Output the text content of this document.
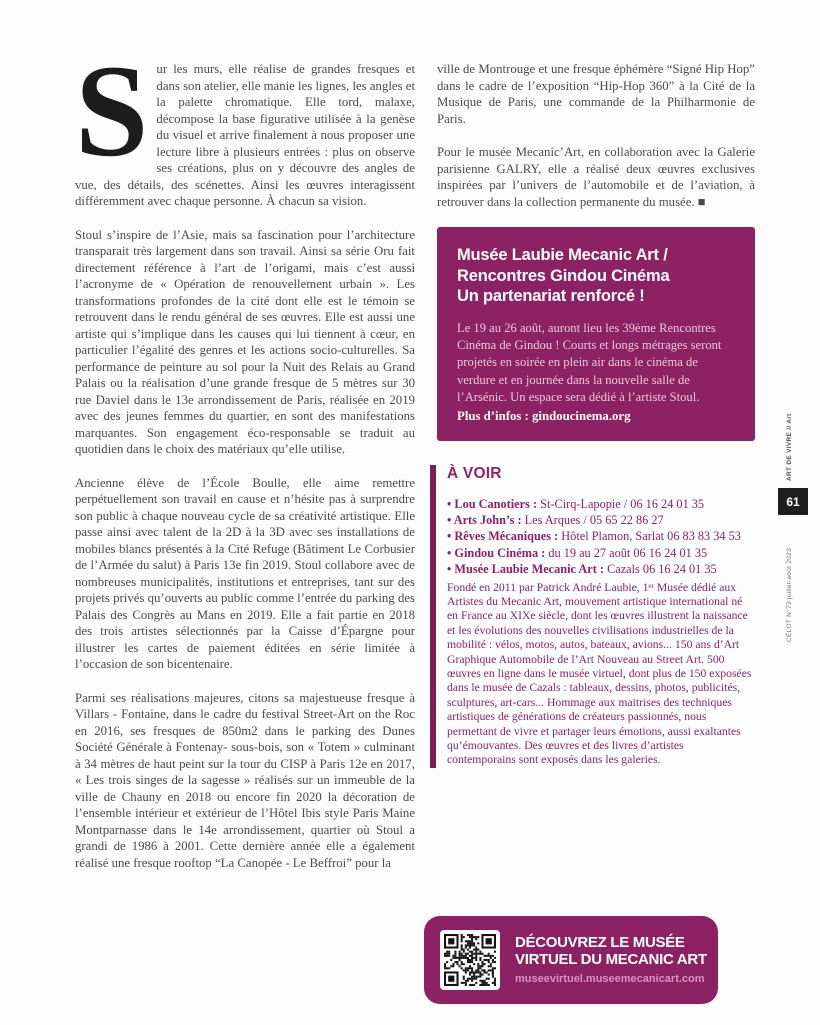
S ur les murs, elle réalise de grandes fresques et dans son atelier, elle manie les lignes, les angles et la palette chromatique. Elle tord, malaxe, décompose la base figurative utilisée à la genèse du visuel et arrive finalement à nous proposer une lecture libre à plusieurs entrées : plus on observe ses créations, plus on y découvre des angles de vue, des détails, des scénettes. Ainsi les œuvres interagissent différemment avec chaque personne. À chacun sa vision.

Stoul s’inspire de l’Asie, mais sa fascination pour l’architecture transparait très largement dans son travail. Ainsi sa série Oru fait directement référence à l’art de l’origami, mais c’est aussi l’acronyme de « Opération de renouvellement urbain ». Les transformations profondes de la cité dont elle est le témoin se retrouvent dans le rendu général de ses œuvres. Elle est aussi une artiste qui s’implique dans les causes qui lui tiennent à cœur, en particulier l’égalité des genres et les actions socio-culturelles. Sa performance de peinture au sol pour la Nuit des Relais au Grand Palais ou la réalisation d’une grande fresque de 5 mètres sur 30 rue Daviel dans le 13e arrondissement de Paris, réalisée en 2019 avec des jeunes femmes du quartier, en sont des manifestations marquantes. Son engagement éco-responsable se traduit au quotidien dans le choix des matériaux qu’elle utilise.

Ancienne élève de l’École Boulle, elle aime remettre perpétuellement son travail en cause et n’hésite pas à surprendre son public à chaque nouveau cycle de sa créativité artistique. Elle passe ainsi avec talent de la 2D à la 3D avec ses installations de mobiles blancs présentés à la Cité Refuge (Bâtiment Le Corbusier de l’Armée du salut) à Paris 13e fin 2019. Stoul collabore avec de nombreuses municipalités, institutions et entreprises, tant sur des projets privés qu’ouverts au public comme l’entrée du parking des Palais des Congrès au Mans en 2019. Elle a fait partie en 2018 des trois artistes sélectionnés par la Caisse d’Épargne pour illustrer les cartes de paiement éditées en série limitée à l’occasion de son bicentenaire.

Parmi ses réalisations majeures, citons sa majestueuse fresque à Villars - Fontaine, dans le cadre du festival Street-Art on the Roc en 2016, ses fresques de 850m2 dans le parking des Dunes Société Générale à Fontenay- sous-bois, son « Totem » culminant à 34 mètres de haut peint sur la tour du CISP à Paris 12e en 2017, « Les trois singes de la sagesse » réalisés sur un immeuble de la ville de Chauny en 2018 ou encore fin 2020 la décoration de l’ensemble intérieur et extérieur de l’Hôtel Ibis style Paris Maine Montparnasse dans le 14e arrondissement, quartier où Stoul a grandi de 1986 à 2001. Cette dernière année elle a également réalisé une fresque rooftop “La Canopée - Le Beffroi” pour la

ville de Montrouge et une fresque éphémère “Signé Hip Hop” dans le cadre de l’exposition “Hip-Hop 360” à la Cité de la Musique de Paris, une commande de la Philharmonie de Paris.

Pour le musée Mecanic’Art, en collaboration avec la Galerie parisienne GALRY, elle a réalisé deux œuvres exclusives inspirées par l’univers de l’automobile et de l’aviation, à retrouver dans la collection permanente du musée. ■

Musée Laubie Mecanic Art /
Rencontres Gindou Cinéma
Un partenariat renforcé !

Le 19 au 26 août, auront lieu les 39ème Rencontres Cinéma de Gindou ! Courts et longs métrages seront projetés en soirée en plein air dans le cinéma de verdure et en journée dans la nouvelle salle de l’Arsénic. Un espace sera dédié à l’artiste Stoul.

Plus d’infos : gindoucinema.org

À VOIR
• Lou Canotiers : St-Cirq-Lapopie / 06 16 24 01 35
• Arts John’s : Les Arques / 05 65 22 86 27
• Rêves Mécaniques : Hôtel Plamon, Sarlat 06 83 83 34 53
• Gindou Cinéma : du 19 au 27 août 06 16 24 01 35
• Musée Laubie Mecanic Art : Cazals 06 16 24 01 35

Fondé en 2011 par Patrick André Laubie, 1ᵉʳ Musée dédié aux Artistes du Mecanic Art, mouvement artistique international né en France au XIXe siècle, dont les œuvres illustrent la naissance et les évolutions des nouvelles civilisations industrielles de la mobilité : vélos, motos, autos, bateaux, avions... 150 ans d’Art Graphique Automobile de l’Art Nouveau au Street Art. 500 œuvres en ligne dans le musée virtuel, dont plus de 150 exposées dans le musée de Cazals : tableaux, dessins, photos, publicités, sculptures, art-cars... Hommage aux maitrises des techniques artistiques de générations de créateurs passionnés, nous permettant de vivre et partager leurs émotions, aussi exaltantes qu’émouvantes. Des œuvres et des livres d’artistes contemporains sont exposés dans les galeries.

DÉCOUVREZ LE MUSÉE
VIRTUEL DU MECANIC ART
museevirtuel.museemecanicart.com
ART DE VIVRE // Art
61
CÉLOT N°73 juillet-août 2023
